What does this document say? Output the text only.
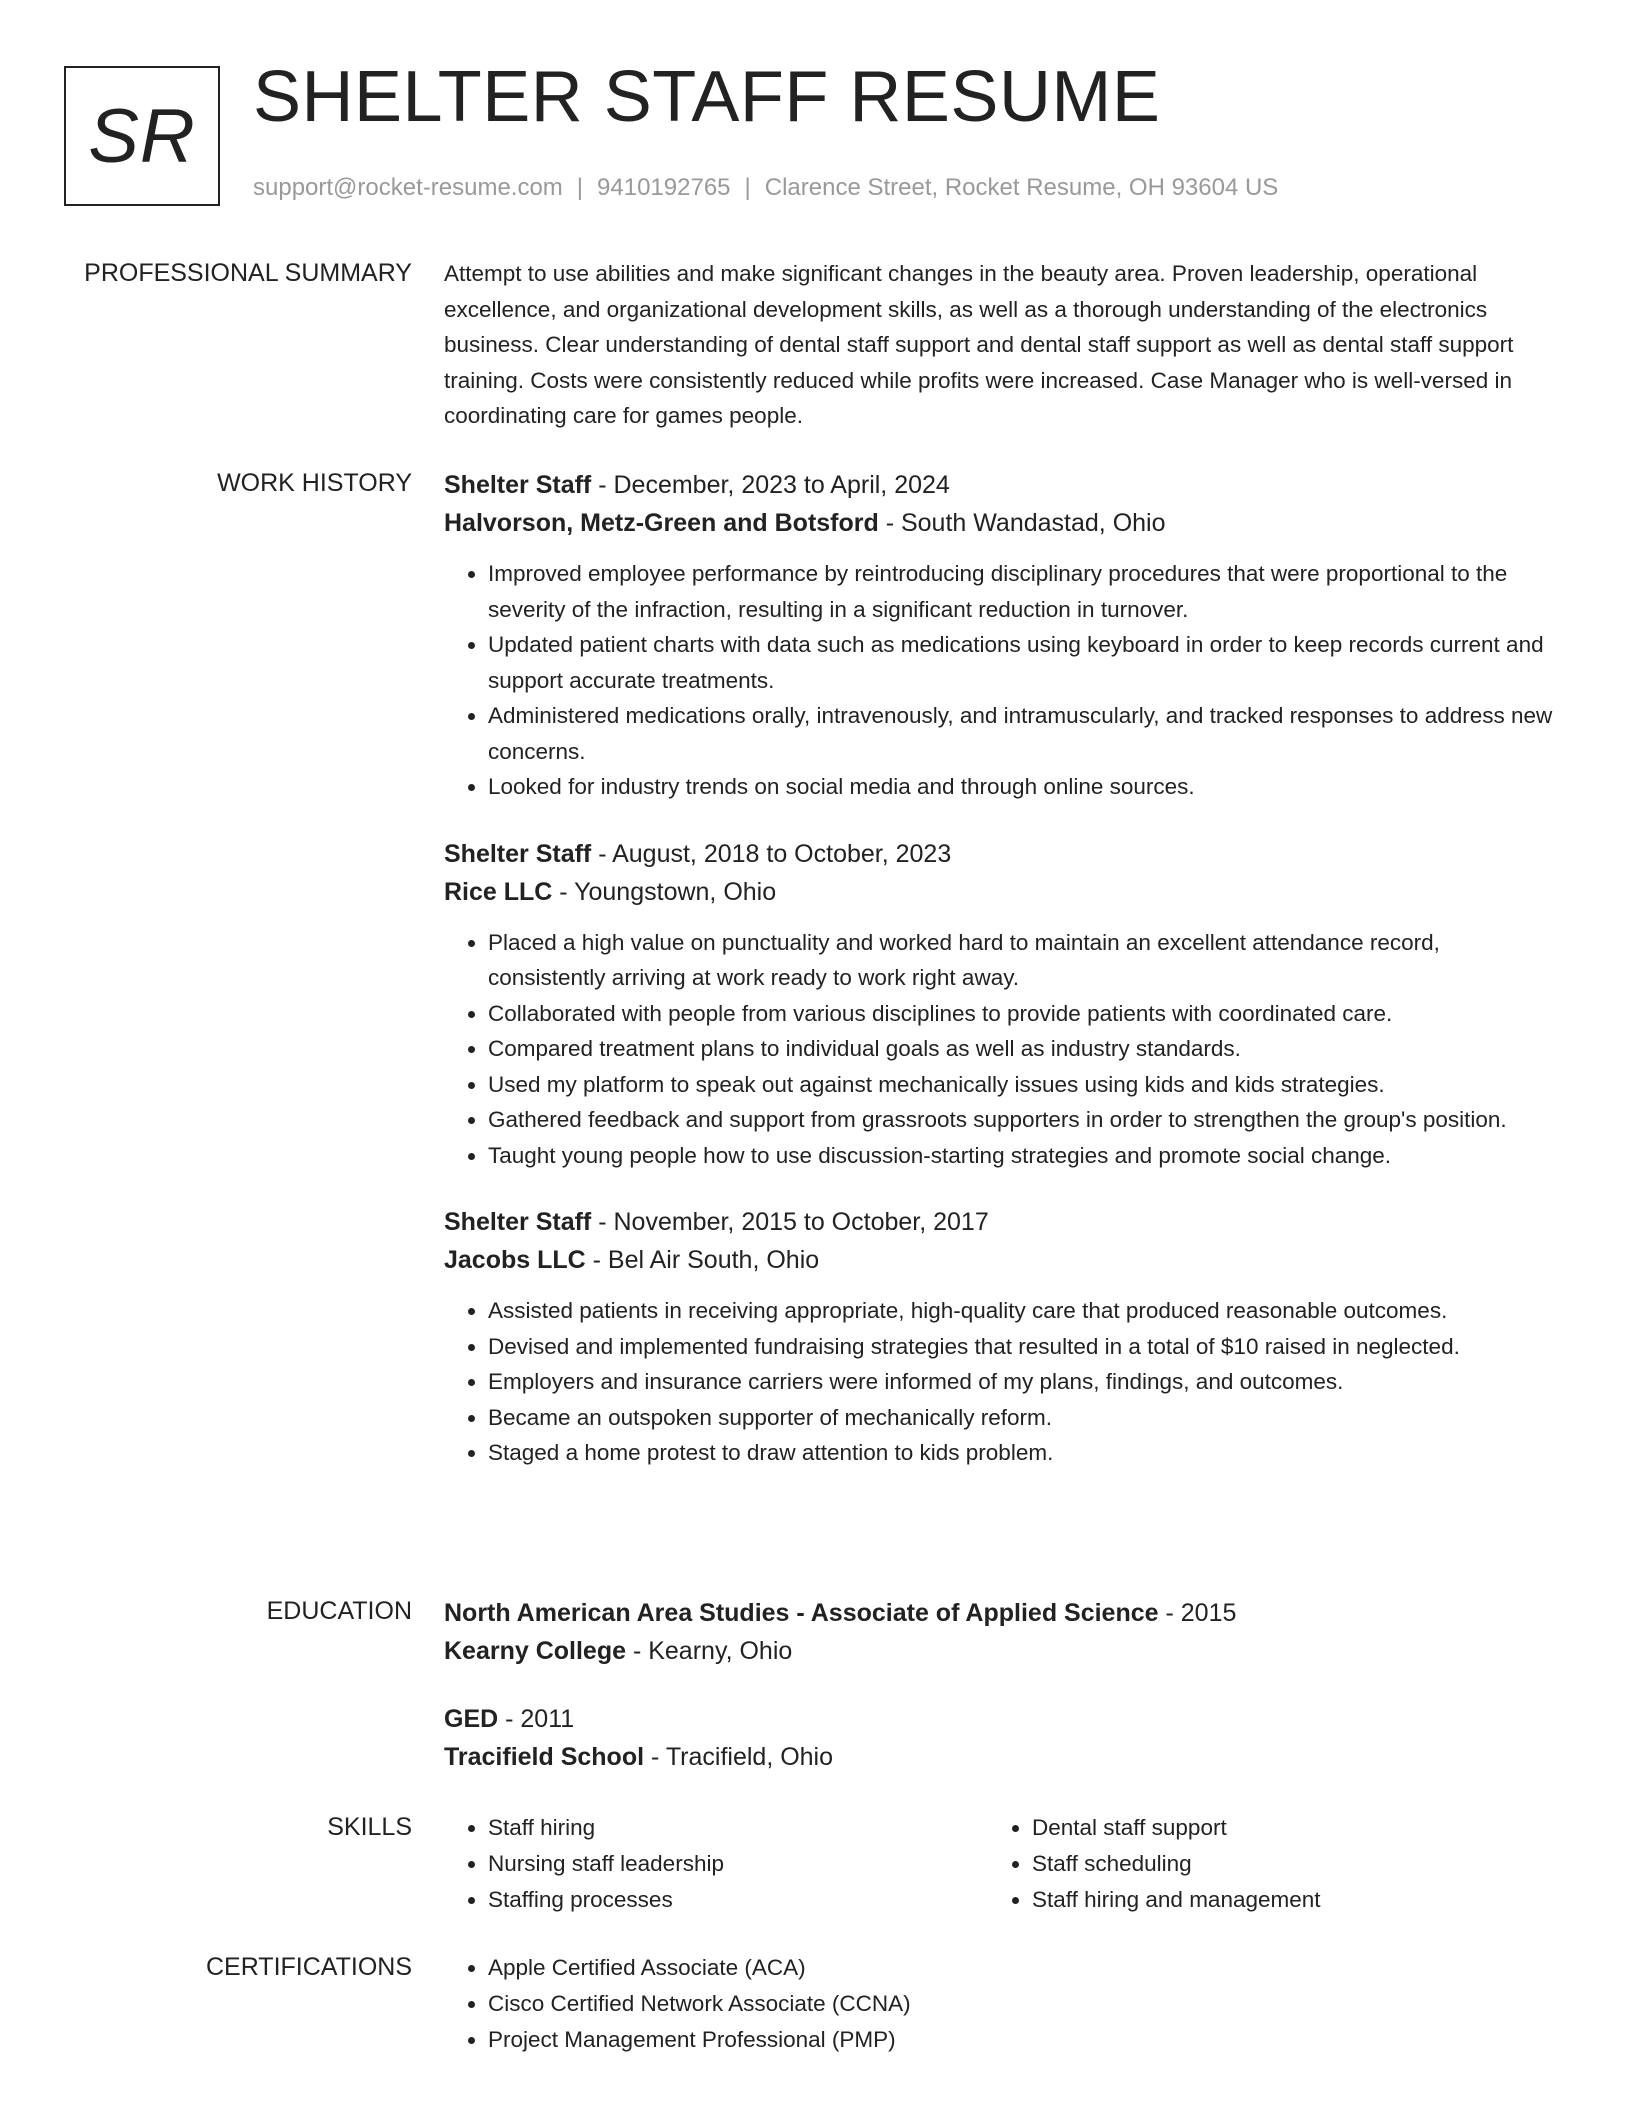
SR SHELTER STAFF RESUME
support@rocket-resume.com | 9410192765 | Clarence Street, Rocket Resume, OH 93604 US
PROFESSIONAL SUMMARY Attempt to use abilities and make significant changes in the beauty area. Proven leadership, operational excellence, and organizational development skills, as well as a thorough understanding of the electronics business. Clear understanding of dental staff support and dental staff support as well as dental staff support training. Costs were consistently reduced while profits were increased. Case Manager who is well-versed in coordinating care for games people.

WORK HISTORY Shelter Staff - December, 2023 to April, 2024
Halvorson, Metz-Green and Botsford - South Wandastad, Ohio
• Improved employee performance by reintroducing disciplinary procedures that were proportional to the severity of the infraction, resulting in a significant reduction in turnover.
• Updated patient charts with data such as medications using keyboard in order to keep records current and support accurate treatments.
• Administered medications orally, intravenously, and intramuscularly, and tracked responses to address new concerns.
• Looked for industry trends on social media and through online sources.
Shelter Staff - August, 2018 to October, 2023
Rice LLC - Youngstown, Ohio
• Placed a high value on punctuality and worked hard to maintain an excellent attendance record, consistently arriving at work ready to work right away.
• Collaborated with people from various disciplines to provide patients with coordinated care.
• Compared treatment plans to individual goals as well as industry standards.
• Used my platform to speak out against mechanically issues using kids and kids strategies.
• Gathered feedback and support from grassroots supporters in order to strengthen the group's position.
• Taught young people how to use discussion-starting strategies and promote social change.
Shelter Staff - November, 2015 to October, 2017
Jacobs LLC - Bel Air South, Ohio
• Assisted patients in receiving appropriate, high-quality care that produced reasonable outcomes.
• Devised and implemented fundraising strategies that resulted in a total of $10 raised in neglected.
• Employers and insurance carriers were informed of my plans, findings, and outcomes.
• Became an outspoken supporter of mechanically reform.
• Staged a home protest to draw attention to kids problem.
EDUCATION North American Area Studies - Associate of Applied Science - 2015
Kearny College - Kearny, Ohio
GED - 2011
Tracifield School - Tracifield, Ohio
SKILLS	• Staff hiring
• Nursing staff leadership
• Staffing processes
• Dental staff support
• Staff scheduling
• Staff hiring and management
CERTIFICATIONS	• Apple Certified Associate (ACA)
• Cisco Certified Network Associate (CCNA)
• Project Management Professional (PMP)
